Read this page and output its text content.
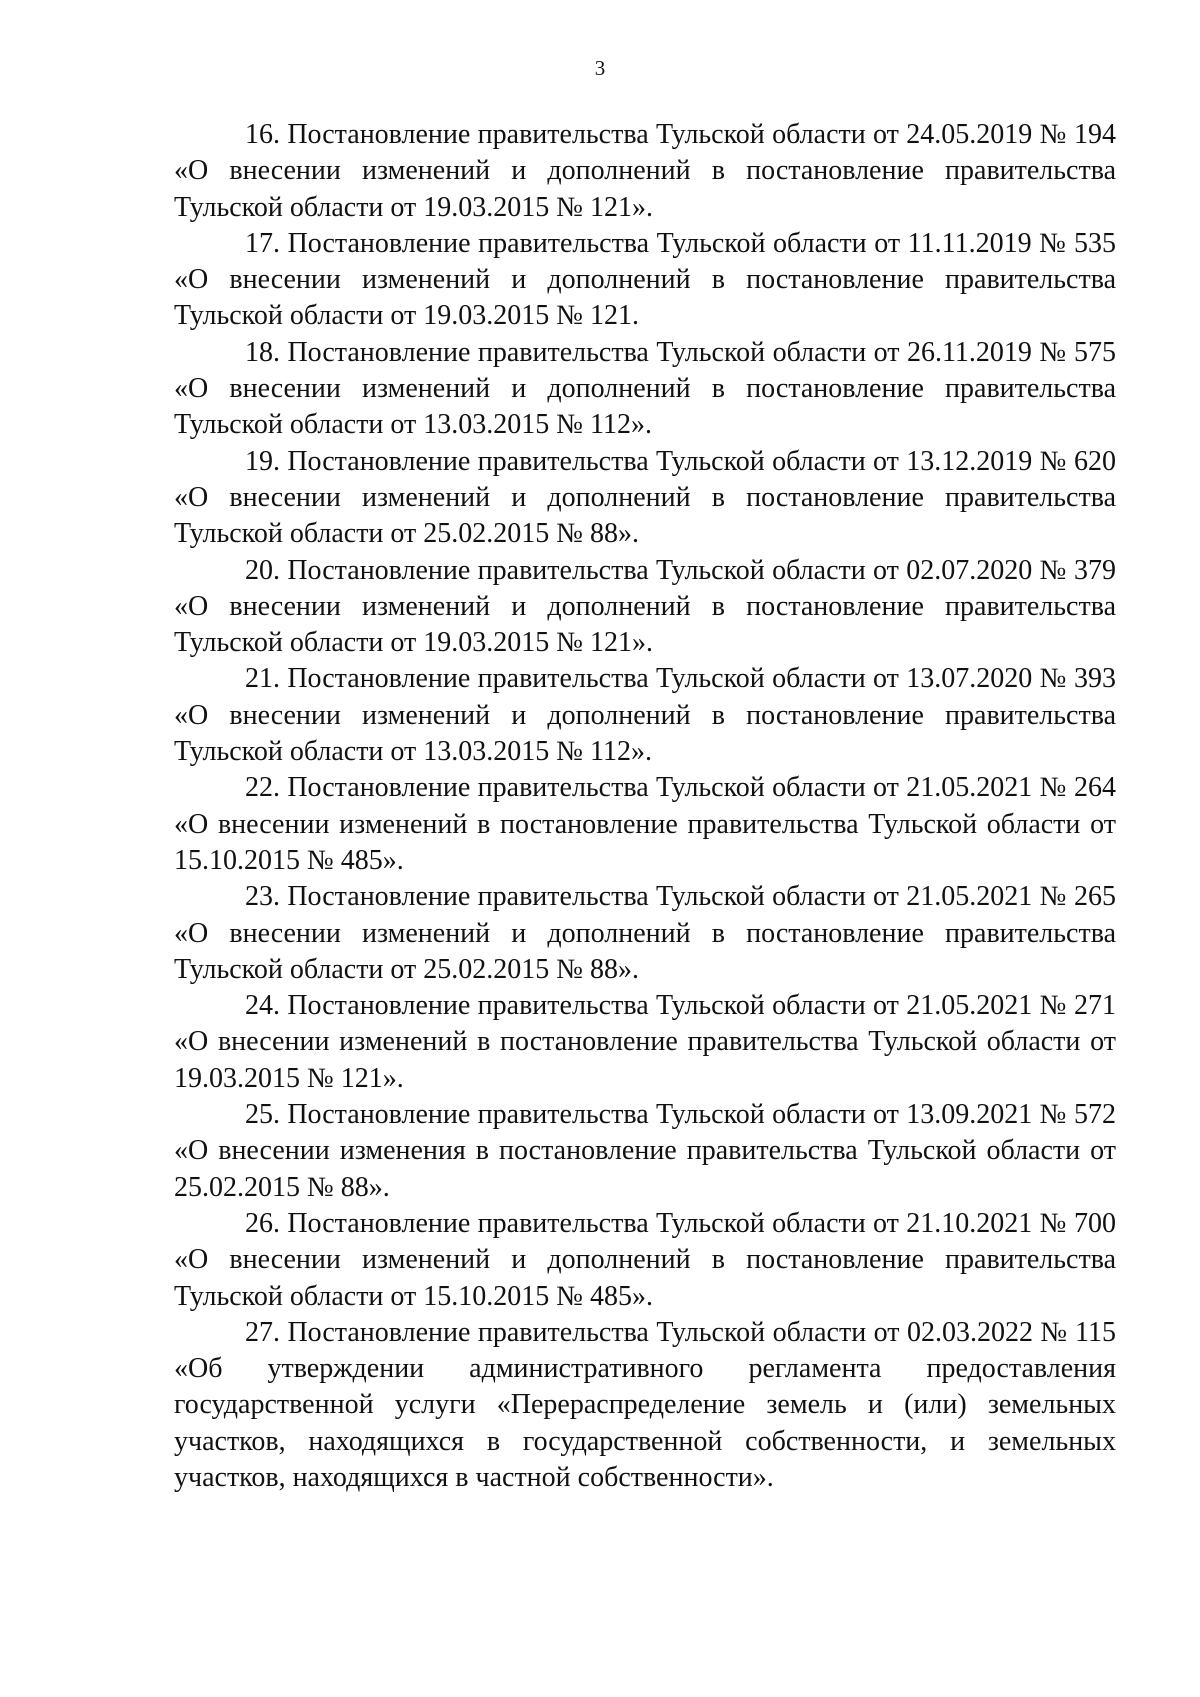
3

16. Постановление правительства Тульской области от 24.05.2019 № 194 «О внесении изменений и дополнений в постановление правительства Тульской области от 19.03.2015 № 121».

17. Постановление правительства Тульской области от 11.11.2019 № 535 «О внесении изменений и дополнений в постановление правительства Тульской области от 19.03.2015 № 121.

18. Постановление правительства Тульской области от 26.11.2019 № 575 «О внесении изменений и дополнений в постановление правительства Тульской области от 13.03.2015 № 112».

19. Постановление правительства Тульской области от 13.12.2019 № 620 «О внесении изменений и дополнений в постановление правительства Тульской области от 25.02.2015 № 88».

20. Постановление правительства Тульской области от 02.07.2020 № 379 «О внесении изменений и дополнений в постановление правительства Тульской области от 19.03.2015 № 121».

21. Постановление правительства Тульской области от 13.07.2020 № 393 «О внесении изменений и дополнений в постановление правительства Тульской области от 13.03.2015 № 112».

22. Постановление правительства Тульской области от 21.05.2021 № 264 «О внесении изменений в постановление правительства Тульской области от 15.10.2015 № 485».

23. Постановление правительства Тульской области от 21.05.2021 № 265 «О внесении изменений и дополнений в постановление правительства Тульской области от 25.02.2015 № 88».

24. Постановление правительства Тульской области от 21.05.2021 № 271 «О внесении изменений в постановление правительства Тульской области от 19.03.2015 № 121».

25. Постановление правительства Тульской области от 13.09.2021 № 572 «О внесении изменения в постановление правительства Тульской области от 25.02.2015 № 88».

26. Постановление правительства Тульской области от 21.10.2021 № 700 «О внесении изменений и дополнений в постановление правительства Тульской области от 15.10.2015 № 485».

27. Постановление правительства Тульской области от 02.03.2022 № 115 «Об утверждении административного регламента предоставления государственной услуги «Перераспределение земель и (или) земельных участков, находящихся в государственной собственности, и земельных участков, находящихся в частной собственности».
